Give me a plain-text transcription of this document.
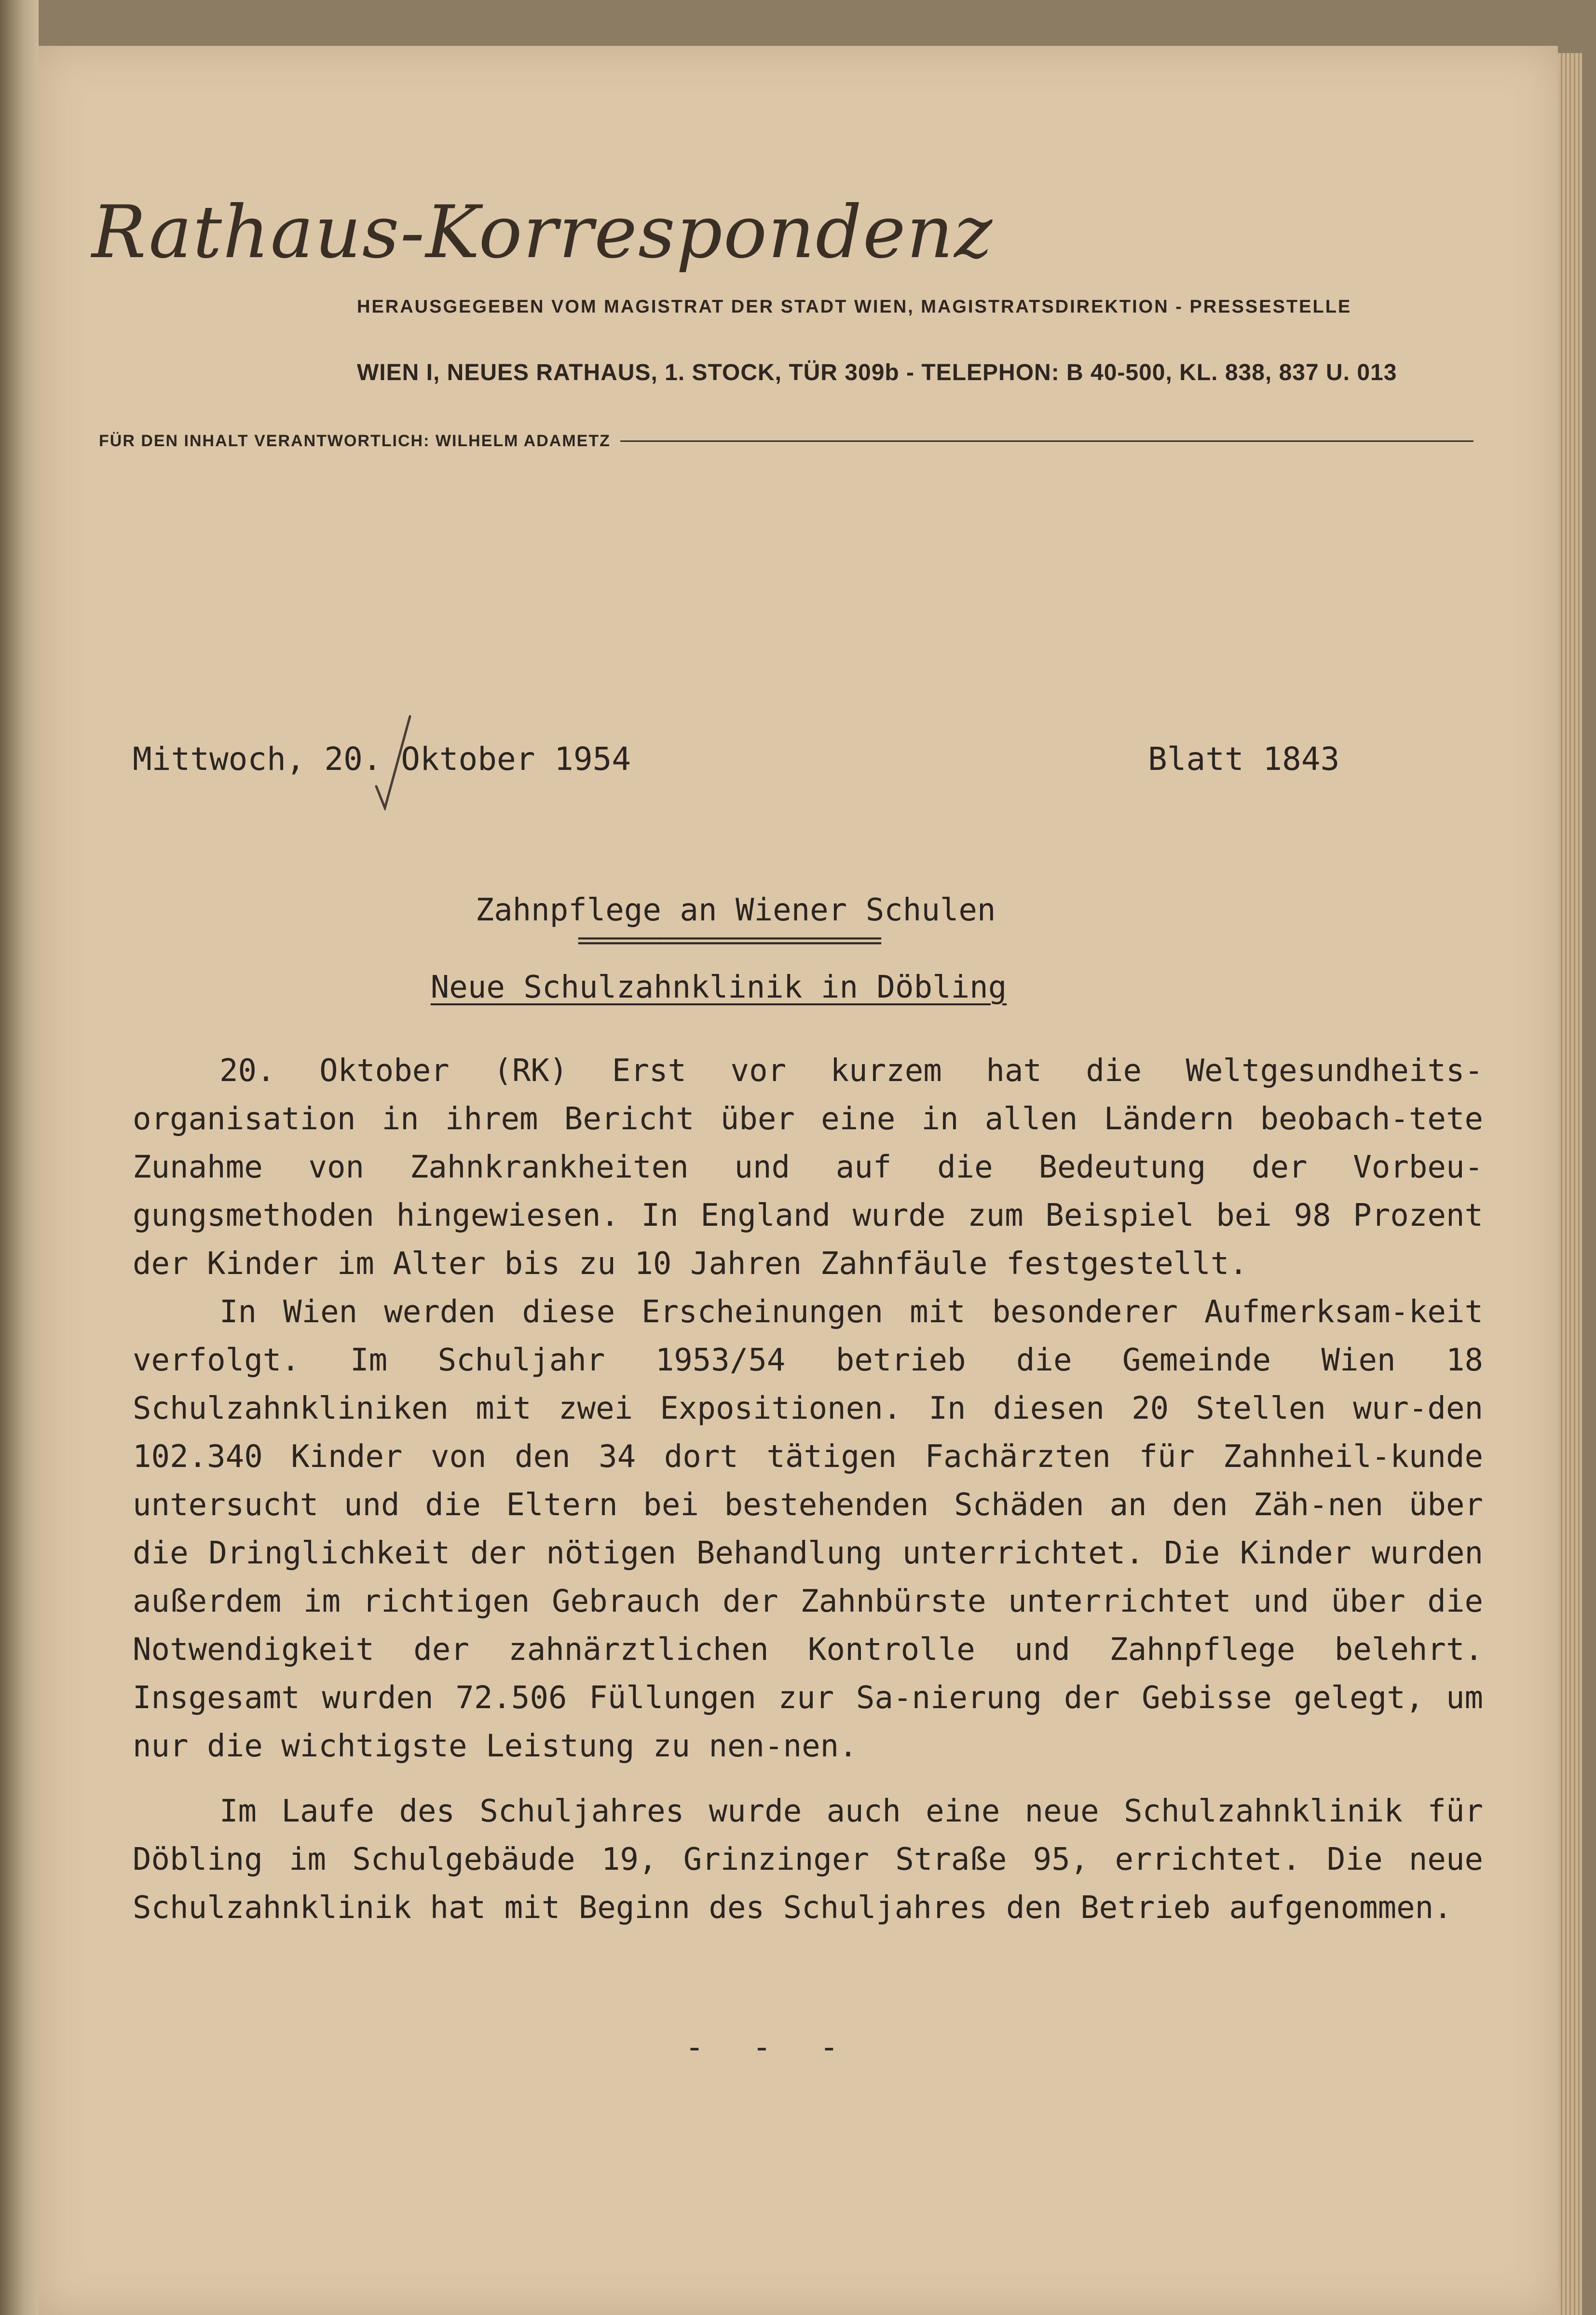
Rathaus-Korrespondenz
HERAUSGEGEBEN VOM MAGISTRAT DER STADT WIEN, MAGISTRATSDIREKTION - PRESSESTELLE
WIEN I, NEUES RATHAUS, 1. STOCK, TÜR 309b - TELEPHON: B 40-500, KL. 838, 837 U. 013
FÜR DEN INHALT VERANTWORTLICH: WILHELM ADAMETZ
Mittwoch, 20. Oktober 1954	Blatt 1843
Zahnpflege an Wiener Schulen
==========================
Neue Schulzahnklinik in Döbling

20. Oktober (RK) Erst vor kurzem hat die Weltgesundheits-organisation in ihrem Bericht über eine in allen Ländern beobach-tete Zunahme von Zahnkrankheiten und auf die Bedeutung der Vorbeu-gungsmethoden hingewiesen. In England wurde zum Beispiel bei 98 Prozent der Kinder im Alter bis zu 10 Jahren Zahnfäule festgestellt.

In Wien werden diese Erscheinungen mit besonderer Aufmerksam-keit verfolgt. Im Schuljahr 1953/54 betrieb die Gemeinde Wien 18 Schulzahnkliniken mit zwei Expositionen. In diesen 20 Stellen wur-den 102.340 Kinder von den 34 dort tätigen Fachärzten für Zahnheil-kunde untersucht und die Eltern bei bestehenden Schäden an den Zäh-nen über die Dringlichkeit der nötigen Behandlung unterrichtet. Die Kinder wurden außerdem im richtigen Gebrauch der Zahnbürste unterrichtet und über die Notwendigkeit der zahnärztlichen Kontrolle und Zahnpflege belehrt. Insgesamt wurden 72.506 Füllungen zur Sa-nierung der Gebisse gelegt, um nur die wichtigste Leistung zu nen-nen.

Im Laufe des Schuljahres wurde auch eine neue Schulzahnklinik für Döbling im Schulgebäude 19, Grinzinger Straße 95, errichtet. Die neue Schulzahnklinik hat mit Beginn des Schuljahres den Betrieb aufgenommen.

- - -
